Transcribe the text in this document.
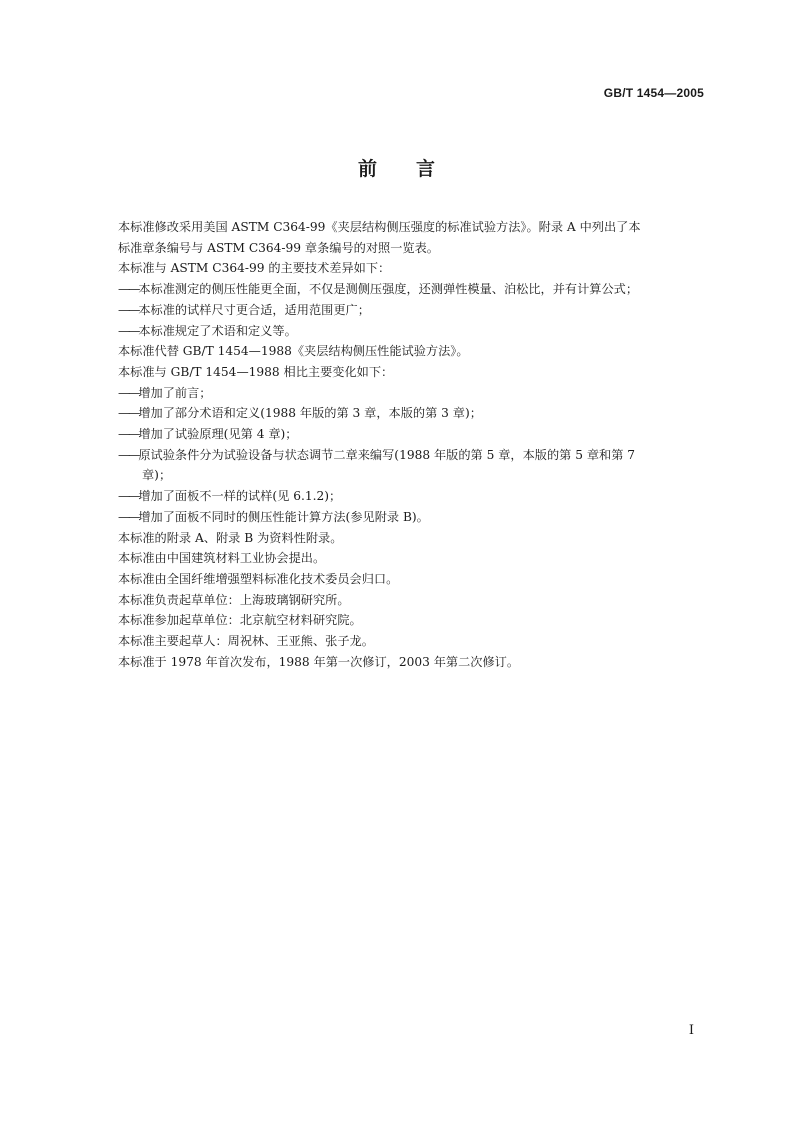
GB/T 1454—2005
前 言
本标准修改采用美国 ASTM C364-99《夹层结构侧压强度的标准试验方法》。附录 A 中列出了本
标准章条编号与 ASTM C364-99 章条编号的对照一览表。
本标准与 ASTM C364-99 的主要技术差异如下：
——本标准测定的侧压性能更全面，不仅是测侧压强度，还测弹性模量、泊松比，并有计算公式；
——本标准的试样尺寸更合适，适用范围更广；
——本标准规定了术语和定义等。
本标准代替 GB/T 1454—1988《夹层结构侧压性能试验方法》。
本标准与 GB/T 1454—1988 相比主要变化如下：
——增加了前言；
——增加了部分术语和定义(1988 年版的第 3 章，本版的第 3 章)；
——增加了试验原理(见第 4 章)；
——原试验条件分为试验设备与状态调节二章来编写(1988 年版的第 5 章，本版的第 5 章和第 7
章)；
——增加了面板不一样的试样(见 6.1.2)；
——增加了面板不同时的侧压性能计算方法(参见附录 B)。
本标准的附录 A、附录 B 为资料性附录。
本标准由中国建筑材料工业协会提出。
本标准由全国纤维增强塑料标准化技术委员会归口。
本标准负责起草单位：上海玻璃钢研究所。
本标准参加起草单位：北京航空材料研究院。
本标准主要起草人：周祝林、王亚熊、张子龙。
本标准于 1978 年首次发布，1988 年第一次修订，2003 年第二次修订。
I
